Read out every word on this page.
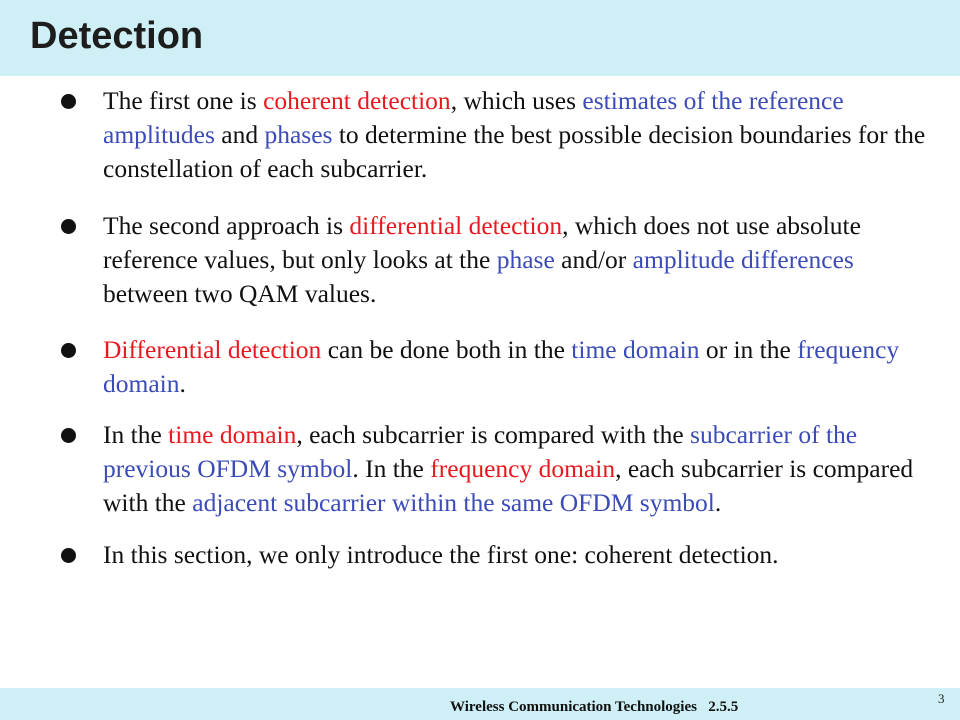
Detection

The first one is coherent detection, which uses estimates of the reference amplitudes and phases to determine the best possible decision boundaries for the constellation of each subcarrier.

The second approach is differential detection, which does not use absolute reference values, but only looks at the phase and/or amplitude differences between two QAM values.

Differential detection can be done both in the time domain or in the frequency domain.

In the time domain, each subcarrier is compared with the subcarrier of the previous OFDM symbol. In the frequency domain, each subcarrier is compared with the adjacent subcarrier within the same OFDM symbol.

In this section, we only introduce the first one: coherent detection.

Wireless Communication Technologies 2.5.5
3
